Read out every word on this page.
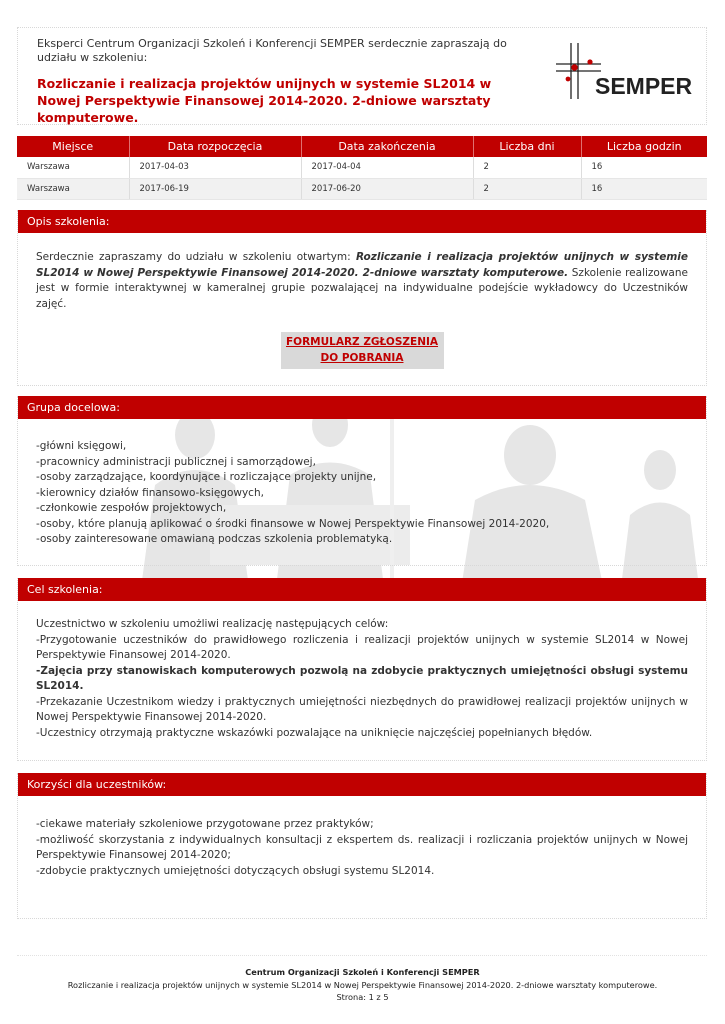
Eksperci Centrum Organizacji Szkoleń i Konferencji SEMPER serdecznie zapraszają do udziału w szkoleniu:
Rozliczanie i realizacja projektów unijnych w systemie SL2014 w Nowej Perspektywie Finansowej 2014-2020. 2-dniowe warsztaty komputerowe.
SEMPER
Miejsce	Data rozpoczęcia	Data zakończenia	Liczba dni	Liczba godzin
Warszawa	2017-04-03	2017-04-04	2	16
Warszawa	2017-06-19	2017-06-20	2	16
Opis szkolenia:

Serdecznie zapraszamy do udziału w szkoleniu otwartym: Rozliczanie i realizacja projektów unijnych w systemie SL2014 w Nowej Perspektywie Finansowej 2014-2020. 2-dniowe warsztaty komputerowe. Szkolenie realizowane jest w formie interaktywnej w kameralnej grupie pozwalającej na indywidualne podejście wykładowcy do Uczestników zajęć.

FORMULARZ ZGŁOSZENIA
DO POBRANIA
Grupa docelowa:
-główni księgowi,
-pracownicy administracji publicznej i samorządowej,
-osoby zarządzające, koordynujące i rozliczające projekty unijne,
-kierownicy działów finansowo-księgowych,
-członkowie zespołów projektowych,
-osoby, które planują aplikować o środki finansowe w Nowej Perspektywie Finansowej 2014-2020,
-osoby zainteresowane omawianą podczas szkolenia problematyką.
Cel szkolenia:
Uczestnictwo w szkoleniu umożliwi realizację następujących celów:
-Przygotowanie uczestników do prawidłowego rozliczenia i realizacji projektów unijnych w systemie SL2014 w Nowej Perspektywie Finansowej 2014-2020.
-Zajęcia przy stanowiskach komputerowych pozwolą na zdobycie praktycznych umiejętności obsługi systemu SL2014.
-Przekazanie Uczestnikom wiedzy i praktycznych umiejętności niezbędnych do prawidłowej realizacji projektów unijnych w Nowej Perspektywie Finansowej 2014-2020.
-Uczestnicy otrzymają praktyczne wskazówki pozwalające na uniknięcie najczęściej popełnianych błędów.
Korzyści dla uczestników:
-ciekawe materiały szkoleniowe przygotowane przez praktyków;
-możliwość skorzystania z indywidualnych konsultacji z ekspertem ds. realizacji i rozliczania projektów unijnych w Nowej Perspektywie Finansowej 2014-2020;
-zdobycie praktycznych umiejętności dotyczących obsługi systemu SL2014.
Centrum Organizacji Szkoleń i Konferencji SEMPER
Rozliczanie i realizacja projektów unijnych w systemie SL2014 w Nowej Perspektywie Finansowej 2014-2020. 2-dniowe warsztaty komputerowe.
Strona: 1 z 5
